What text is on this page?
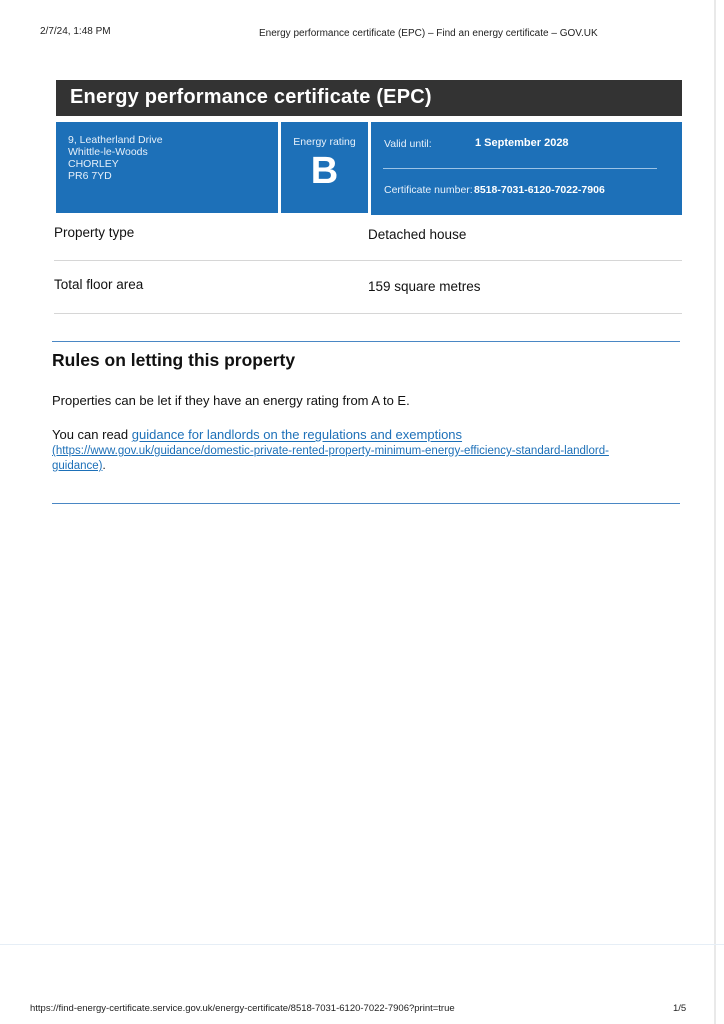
2/7/24, 1:48 PM	Energy performance certificate (EPC) – Find an energy certificate – GOV.UK
Energy performance certificate (EPC)
9, Leatherland Drive
Whittle-le-Woods
CHORLEY
PR6 7YD
Energy rating
B
Valid until:	1 September 2028
Certificate number: 8518-7031-6120-7022-7906
Property type	Detached house
Total floor area	159 square metres
Rules on letting this property
Properties can be let if they have an energy rating from A to E.
You can read guidance for landlords on the regulations and exemptions
(https://www.gov.uk/guidance/domestic-private-rented-property-minimum-energy-efficiency-standard-landlord-
guidance).
https://find-energy-certificate.service.gov.uk/energy-certificate/8518-7031-6120-7022-7906?print=true	1/5
